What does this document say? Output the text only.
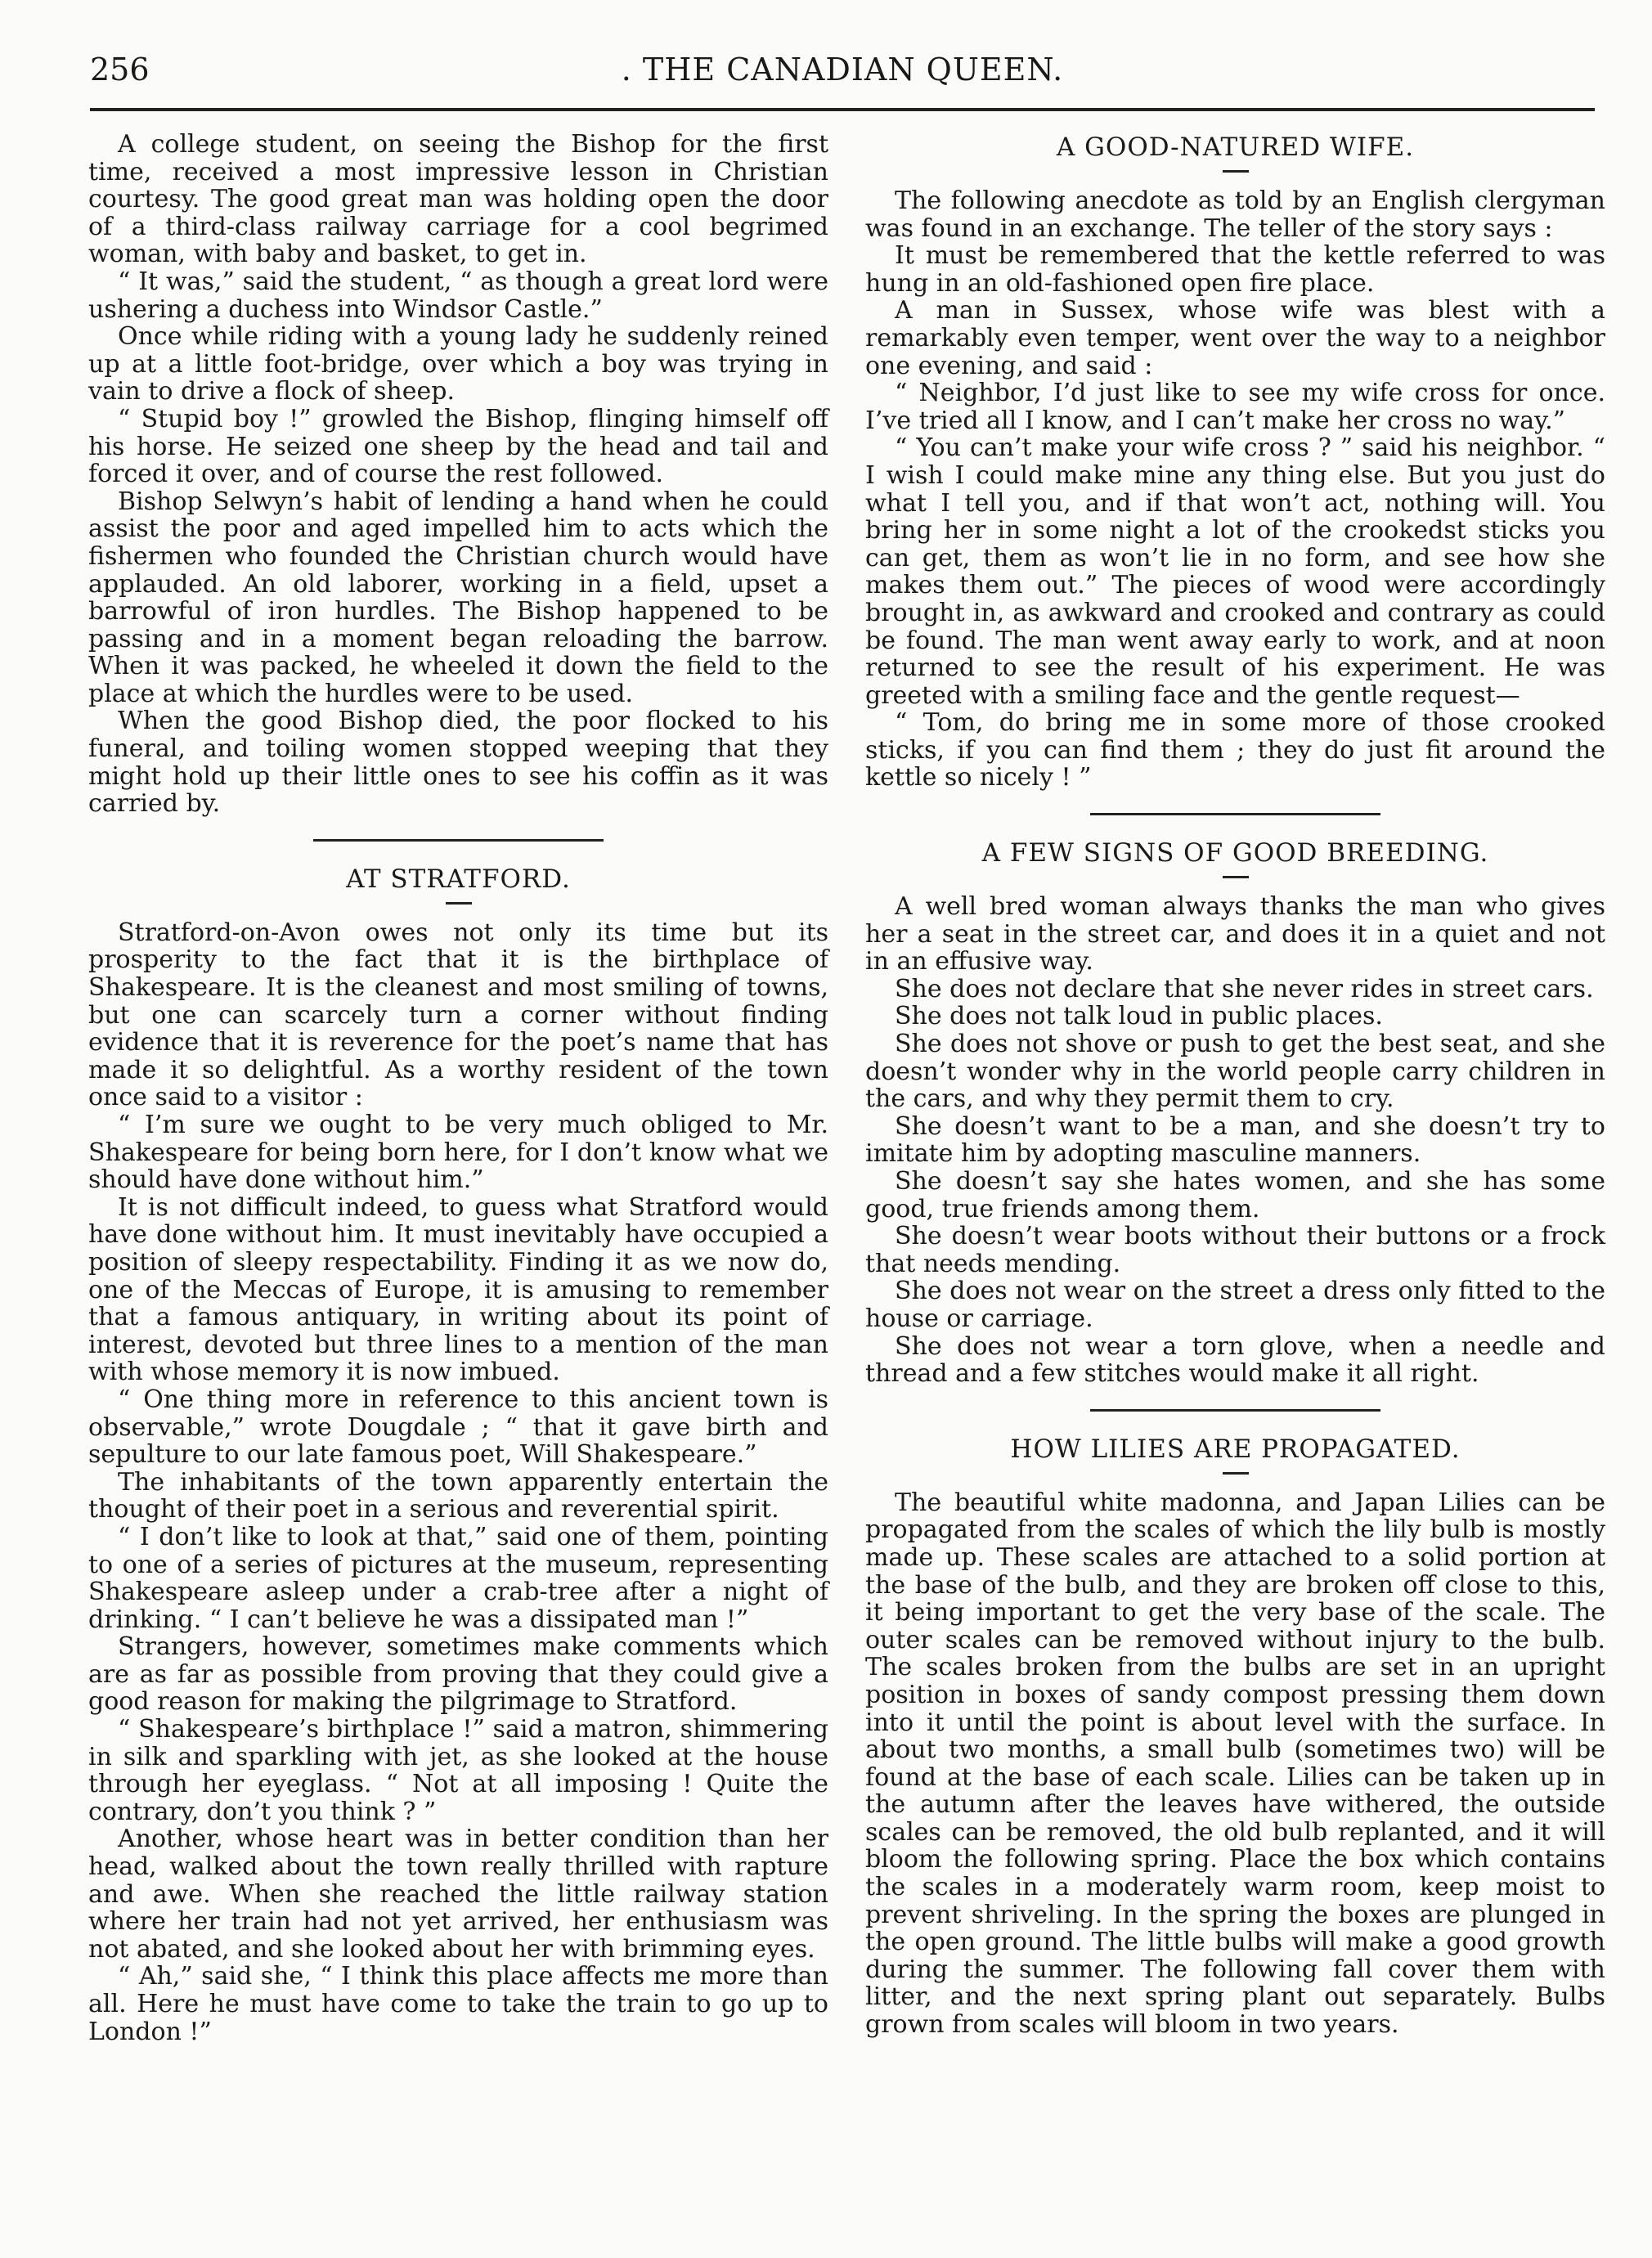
. THE CANADIAN QUEEN.
256

A college student, on seeing the Bishop for the first time, received a most impressive lesson in Christian courtesy. The good great man was holding open the door of a third-class railway carriage for a cool begrimed woman, with baby and basket, to get in.

“ It was,” said the student, “ as though a great lord were ushering a duchess into Windsor Castle.”

Once while riding with a young lady he suddenly reined up at a little foot-bridge, over which a boy was trying in vain to drive a flock of sheep.

“ Stupid boy !” growled the Bishop, flinging himself off his horse. He seized one sheep by the head and tail and forced it over, and of course the rest followed.

Bishop Selwyn’s habit of lending a hand when he could assist the poor and aged impelled him to acts which the fishermen who founded the Christian church would have applauded. An old laborer, working in a field, upset a barrowful of iron hurdles. The Bishop happened to be passing and in a moment began reloading the barrow. When it was packed, he wheeled it down the field to the place at which the hurdles were to be used.

When the good Bishop died, the poor flocked to his funeral, and toiling women stopped weeping that they might hold up their little ones to see his coffin as it was carried by.

AT STRATFORD.

Stratford-on-Avon owes not only its time but its prosperity to the fact that it is the birthplace of Shakespeare. It is the cleanest and most smiling of towns, but one can scarcely turn a corner without finding evidence that it is reverence for the poet’s name that has made it so delightful. As a worthy resident of the town once said to a visitor :

“ I’m sure we ought to be very much obliged to Mr. Shakespeare for being born here, for I don’t know what we should have done without him.”

It is not difficult indeed, to guess what Stratford would have done without him. It must inevitably have occupied a position of sleepy respectability. Finding it as we now do, one of the Meccas of Europe, it is amusing to remember that a famous antiquary, in writing about its point of interest, devoted but three lines to a mention of the man with whose memory it is now imbued.

“ One thing more in reference to this ancient town is observable,” wrote Dougdale ; “ that it gave birth and sepulture to our late famous poet, Will Shakespeare.”

The inhabitants of the town apparently entertain the thought of their poet in a serious and reverential spirit.

“ I don’t like to look at that,” said one of them, pointing to one of a series of pictures at the museum, representing Shakespeare asleep under a crab-tree after a night of drinking. “ I can’t believe he was a dissipated man !”

Strangers, however, sometimes make comments which are as far as possible from proving that they could give a good reason for making the pilgrimage to Stratford.

“ Shakespeare’s birthplace !” said a matron, shimmering in silk and sparkling with jet, as she looked at the house through her eyeglass. “ Not at all imposing ! Quite the contrary, don’t you think ? ”

Another, whose heart was in better condition than her head, walked about the town really thrilled with rapture and awe. When she reached the little railway station where her train had not yet arrived, her enthusiasm was not abated, and she looked about her with brimming eyes.

“ Ah,” said she, “ I think this place affects me more than all. Here he must have come to take the train to go up to London !”

A GOOD-NATURED WIFE.

The following anecdote as told by an English clergyman was found in an exchange. The teller of the story says :

It must be remembered that the kettle referred to was hung in an old-fashioned open fire place.

A man in Sussex, whose wife was blest with a remarkably even temper, went over the way to a neighbor one evening, and said :

“ Neighbor, I’d just like to see my wife cross for once. I’ve tried all I know, and I can’t make her cross no way.”

“ You can’t make your wife cross ? ” said his neighbor. “ I wish I could make mine any thing else. But you just do what I tell you, and if that won’t act, nothing will. You bring her in some night a lot of the crookedst sticks you can get, them as won’t lie in no form, and see how she makes them out.” The pieces of wood were accordingly brought in, as awkward and crooked and contrary as could be found. The man went away early to work, and at noon returned to see the result of his experiment. He was greeted with a smiling face and the gentle request—

“ Tom, do bring me in some more of those crooked sticks, if you can find them ; they do just fit around the kettle so nicely ! ”

A FEW SIGNS OF GOOD BREEDING.

A well bred woman always thanks the man who gives her a seat in the street car, and does it in a quiet and not in an effusive way.

She does not declare that she never rides in street cars.

She does not talk loud in public places.

She does not shove or push to get the best seat, and she doesn’t wonder why in the world people carry children in the cars, and why they permit them to cry.

She doesn’t want to be a man, and she doesn’t try to imitate him by adopting masculine manners.

She doesn’t say she hates women, and she has some good, true friends among them.

She doesn’t wear boots without their buttons or a frock that needs mending.

She does not wear on the street a dress only fitted to the house or carriage.

She does not wear a torn glove, when a needle and thread and a few stitches would make it all right.

HOW LILIES ARE PROPAGATED.

The beautiful white madonna, and Japan Lilies can be propagated from the scales of which the lily bulb is mostly made up. These scales are attached to a solid portion at the base of the bulb, and they are broken off close to this, it being important to get the very base of the scale. The outer scales can be removed without injury to the bulb. The scales broken from the bulbs are set in an upright position in boxes of sandy compost pressing them down into it until the point is about level with the surface. In about two months, a small bulb (sometimes two) will be found at the base of each scale. Lilies can be taken up in the autumn after the leaves have withered, the outside scales can be removed, the old bulb replanted, and it will bloom the following spring. Place the box which contains the scales in a moderately warm room, keep moist to prevent shriveling. In the spring the boxes are plunged in the open ground. The little bulbs will make a good growth during the summer. The following fall cover them with litter, and the next spring plant out separately. Bulbs grown from scales will bloom in two years.
